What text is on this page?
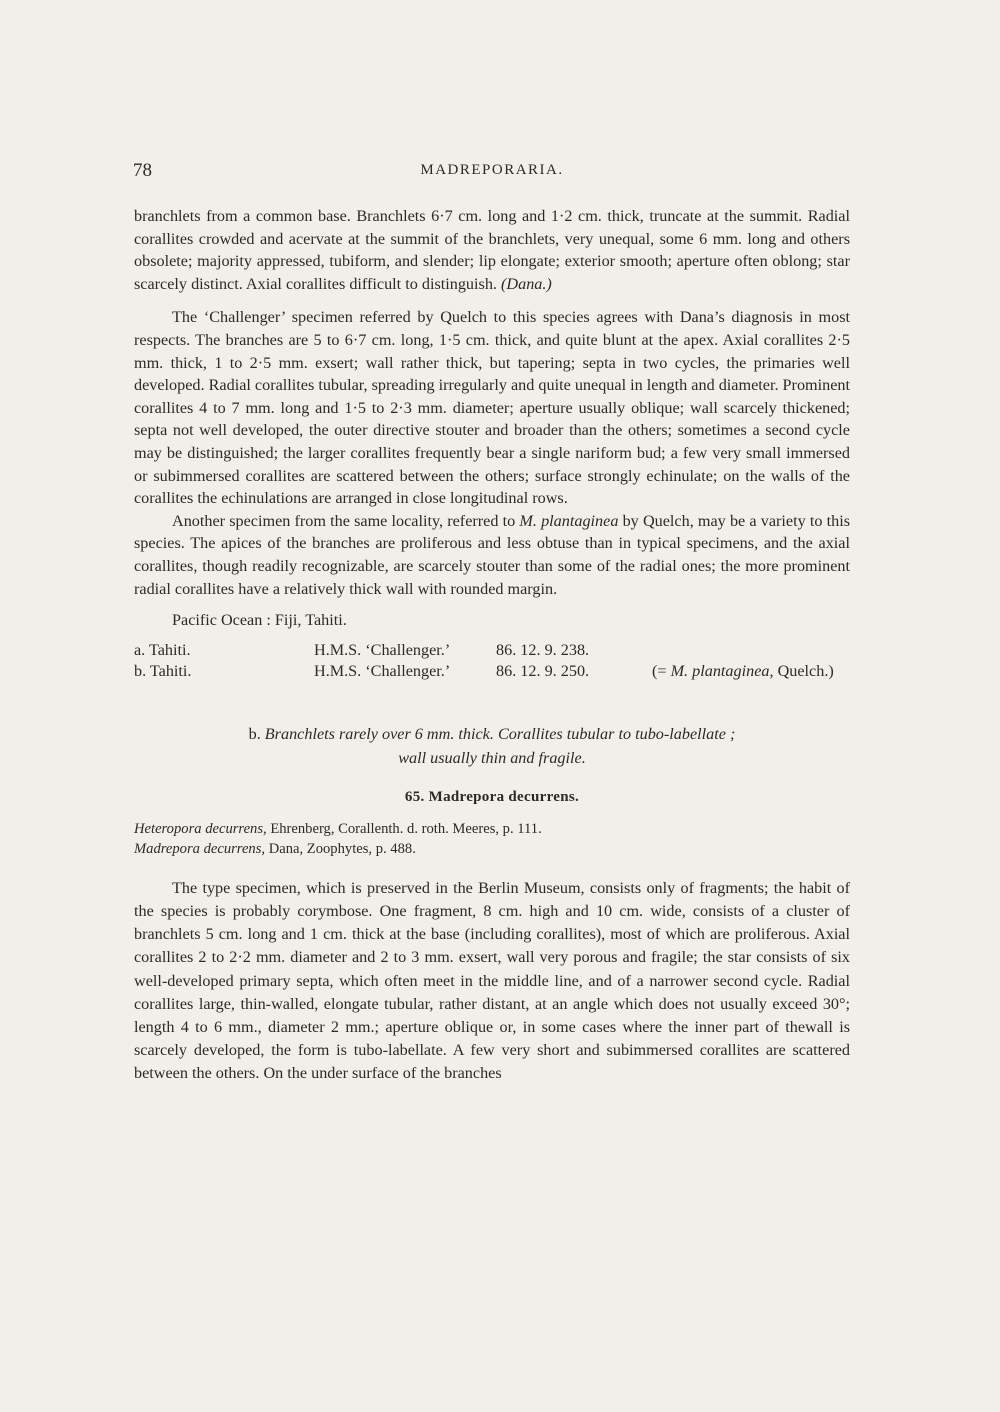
78	MADREPORARIA.

branchlets from a common base. Branchlets 6·7 cm. long and 1·2 cm. thick, truncate at the summit. Radial corallites crowded and acervate at the summit of the branchlets, very unequal, some 6 mm. long and others obsolete; majority appressed, tubiform, and slender; lip elongate; exterior smooth; aperture often oblong; star scarcely distinct. Axial corallites difficult to distinguish. (Dana.)

The ‘Challenger’ specimen referred by Quelch to this species agrees with Dana’s diagnosis in most respects. The branches are 5 to 6·7 cm. long, 1·5 cm. thick, and quite blunt at the apex. Axial corallites 2·5 mm. thick, 1 to 2·5 mm. exsert; wall rather thick, but tapering; septa in two cycles, the primaries well developed. Radial corallites tubular, spreading irregularly and quite unequal in length and diameter. Prominent corallites 4 to 7 mm. long and 1·5 to 2·3 mm. diameter; aperture usually oblique; wall scarcely thickened; septa not well developed, the outer directive stouter and broader than the others; sometimes a second cycle may be distinguished; the larger corallites frequently bear a single nariform bud; a few very small immersed or subimmersed corallites are scattered between the others; surface strongly echinulate; on the walls of the corallites the echinulations are arranged in close longitudinal rows.

Another specimen from the same locality, referred to M. plantaginea by Quelch, may be a variety to this species. The apices of the branches are proliferous and less obtuse than in typical specimens, and the axial corallites, though readily recognizable, are scarcely stouter than some of the radial ones; the more prominent radial corallites have a relatively thick wall with rounded margin.

Pacific Ocean : Fiji, Tahiti.
a. Tahiti.	H.M.S. ‘Challenger.’	86. 12. 9. 238.
b. Tahiti.	H.M.S. ‘Challenger.’	86. 12. 9. 250.	(= M. plantaginea, Quelch.)
b. Branchlets rarely over 6 mm. thick. Corallites tubular to tubo-labellate ;
wall usually thin and fragile.
65. Madrepora decurrens.
Heteropora decurrens, Ehrenberg, Corallenth. d. roth. Meeres, p. 111.
Madrepora decurrens, Dana, Zoophytes, p. 488.

The type specimen, which is preserved in the Berlin Museum, consists only of fragments; the habit of the species is probably corymbose. One fragment, 8 cm. high and 10 cm. wide, consists of a cluster of branchlets 5 cm. long and 1 cm. thick at the base (including corallites), most of which are proliferous. Axial corallites 2 to 2·2 mm. diameter and 2 to 3 mm. exsert, wall very porous and fragile; the star consists of six well-developed primary septa, which often meet in the middle line, and of a narrower second cycle. Radial corallites large, thin-walled, elongate tubular, rather distant, at an angle which does not usually exceed 30°; length 4 to 6 mm., diameter 2 mm.; aperture oblique or, in some cases where the inner part of thewall is scarcely developed, the form is tubo-labellate. A few very short and subimmersed corallites are scattered between the others. On the under surface of the branches
